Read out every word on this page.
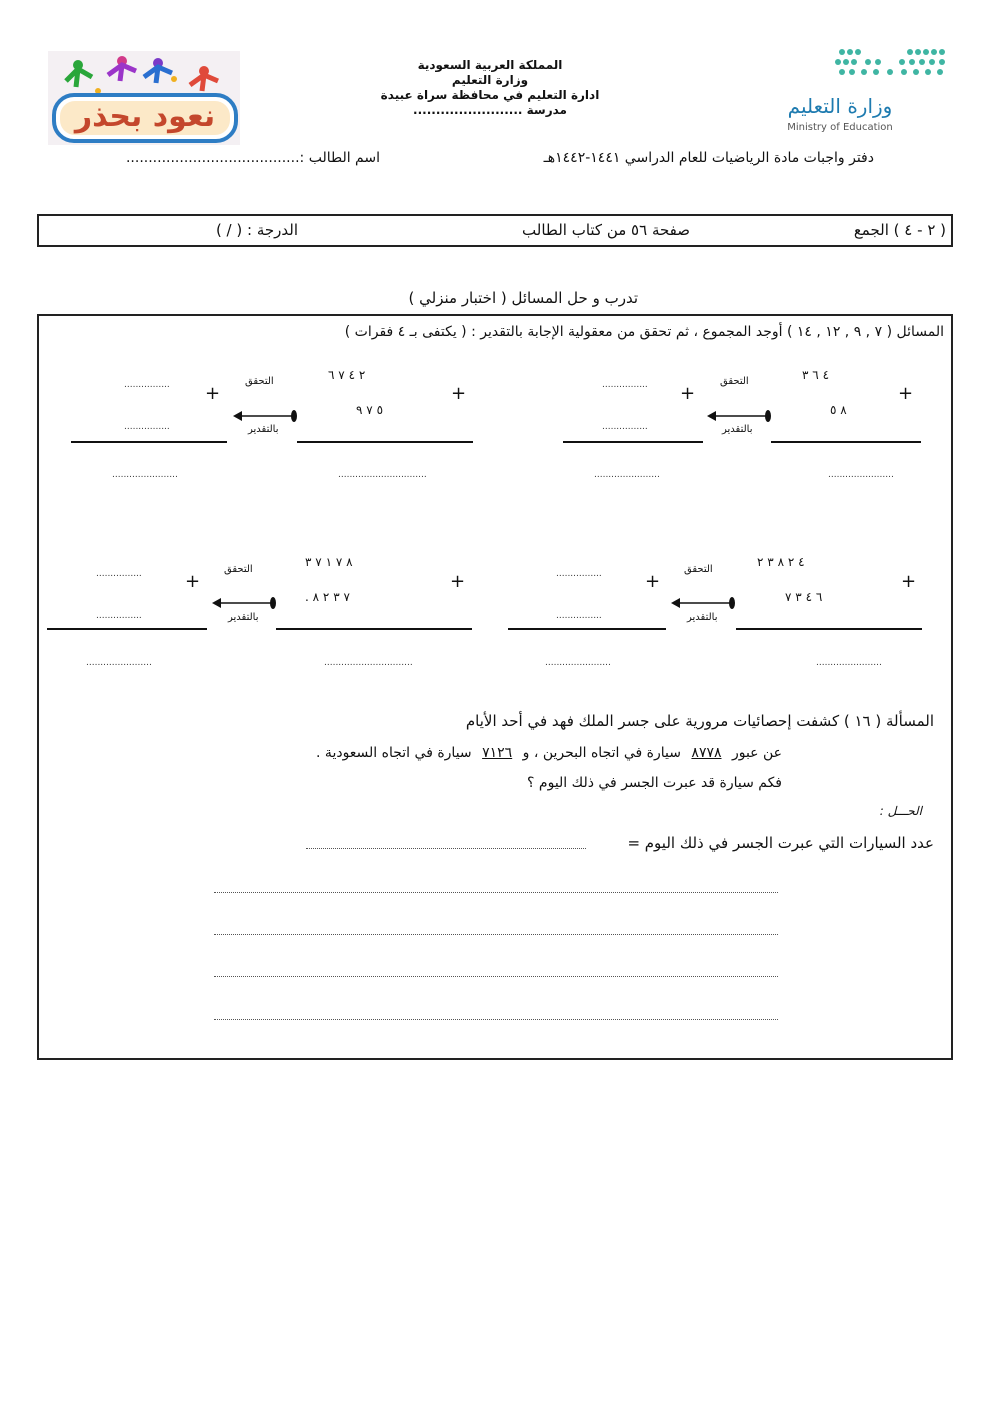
نعود بحذر
المملكة العربية السعودية
وزارة التعليم
ادارة التعليم في محافظة سراة عبيدة
مدرسة ........................	وزارة التعليم
Ministry of Education
دفتر واجبات مادة الرياضيات للعام الدراسي ١٤٤١-١٤٤٢هـ
اسم الطالب :.......................................
( ٢ - ٤ ) الجمع
صفحة ٥٦ من كتاب الطالب
الدرجة : ( / )
تدرب و حل المسائل ( اختبار منزلي )
المسائل ( ٧ , ٩ , ١٢ , ١٤ ) أوجد المجموع ، ثم تحقق من معقولية الإجابة بالتقدير : ( يكتفى بـ ٤ فقرات )
+
٤ ٦ ٣
٨ ٥
.......................
التحقق
بالتقدير
+
................
................
.......................
+
٢ ٤ ٧ ٦
٥ ٧ ٩
...............................
التحقق
بالتقدير
+
................
................
.......................
+
٤ ٢ ٨ ٣ ٢
٦ ٤ ٣ ٧
.......................
التحقق
بالتقدير
+
................
................
.......................
+
٨ ٧ ١ ٧ ٣
. ٧ ٣ ٢ ٨
...............................
التحقق
بالتقدير
+
................
................
.......................
المسألة ( ١٦ ) كشفت إحصائيات مرورية على جسر الملك فهد في أحد الأيام
عن عبور ٨٧٧٨ سيارة في اتجاه البحرين ، و ٧١٢٦ سيارة في اتجاه السعودية .
فكم سيارة قد عبرت الجسر في ذلك اليوم ؟
الحـــل :
عدد السيارات التي عبرت الجسر في ذلك اليوم =
